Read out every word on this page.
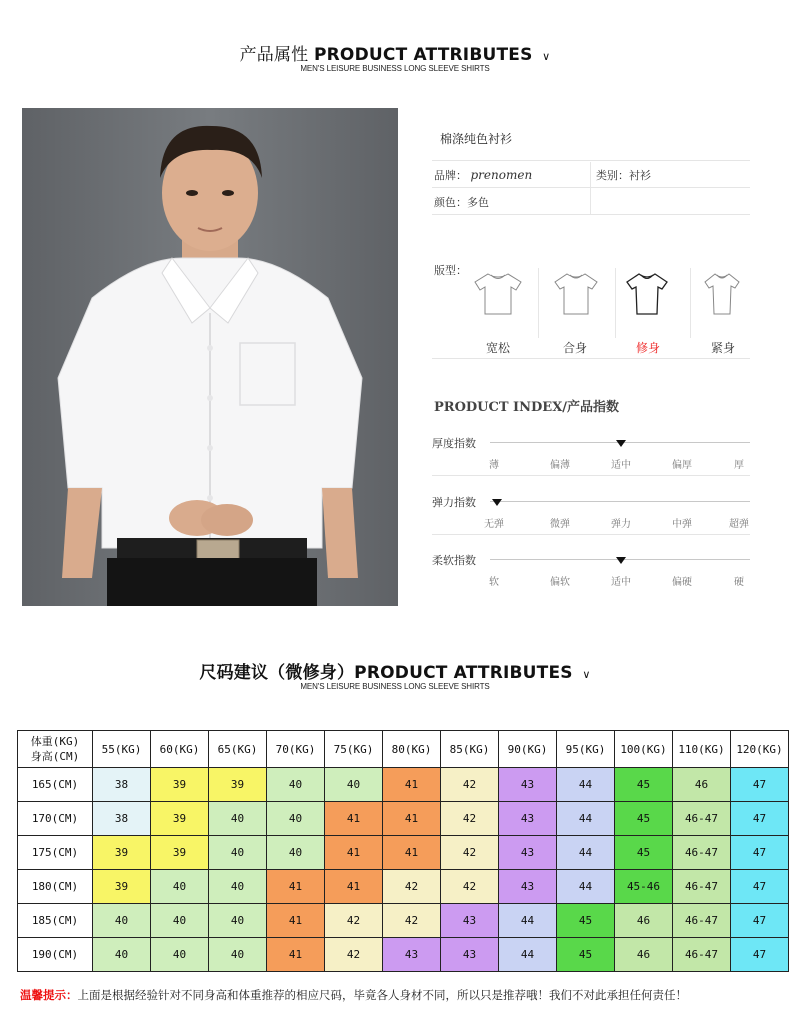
产品属性 PRODUCT ATTRIBUTES ∨
MEN'S LEISURE BUSINESS LONG SLEEVE SHIRTS
棉涤纯色衬衫
品牌： prenomen	类别：衬衫
颜色：多色
版型：
宽松	合身	修身	紧身
PRODUCT INDEX/产品指数
厚度指数
薄	偏薄	适中	偏厚	厚
弹力指数
无弹	微弹	弹力	中弹	超弹
柔软指数
软	偏软	适中	偏硬	硬
尺码建议（微修身）PRODUCT ATTRIBUTES ∨
MEN'S LEISURE BUSINESS LONG SLEEVE SHIRTS
体重(KG)
身高(CM)	55(KG)	60(KG)	65(KG)	70(KG)	75(KG)	80(KG)	85(KG)	90(KG)	95(KG)	100(KG)	110(KG)	120(KG)
165(CM)	38	39	39	40	40	41	42	43	44	45	46	47
170(CM)	38	39	40	40	41	41	42	43	44	45	46-47	47
175(CM)	39	39	40	40	41	41	42	43	44	45	46-47	47
180(CM)	39	40	40	41	41	42	42	43	44	45-46	46-47	47
185(CM)	40	40	40	41	42	42	43	44	45	46	46-47	47
190(CM)	40	40	40	41	42	43	43	44	45	46	46-47	47
温馨提示：上面是根据经验针对不同身高和体重推荐的相应尺码，毕竟各人身材不同，所以只是推荐哦！我们不对此承担任何责任！
